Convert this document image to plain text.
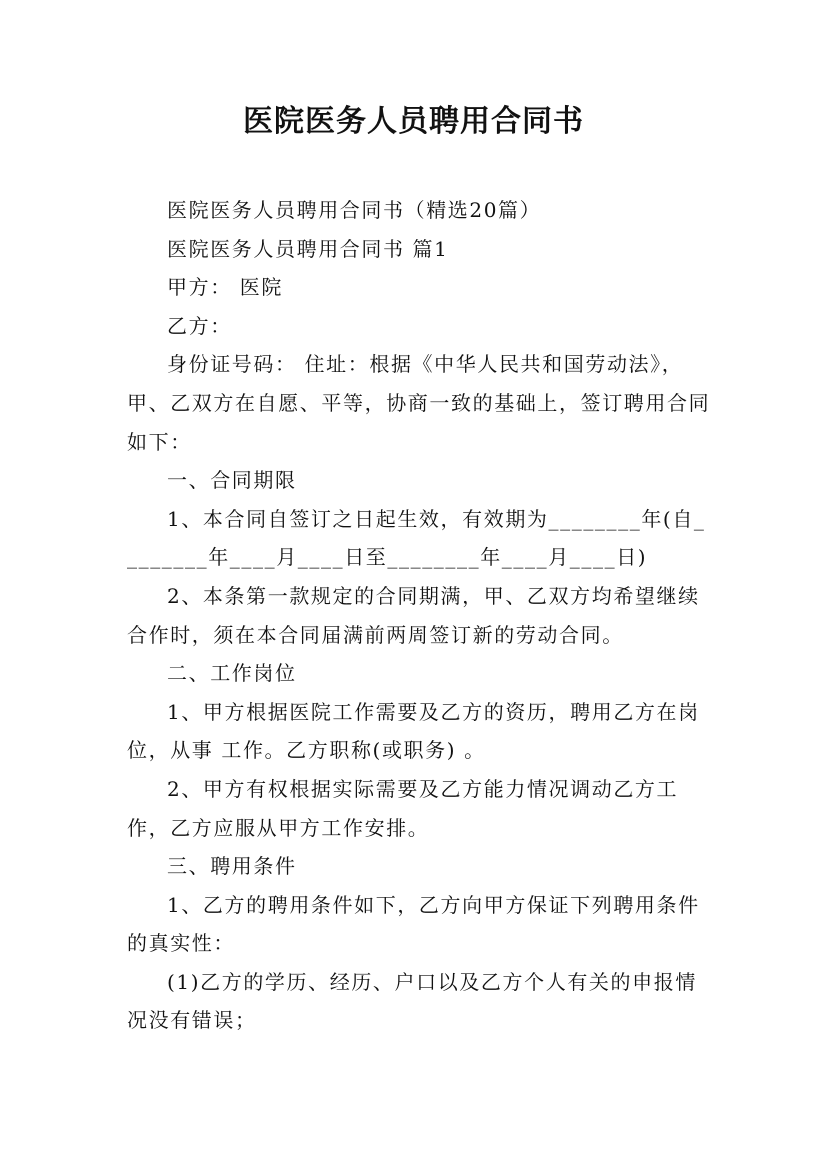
医院医务人员聘用合同书

医院医务人员聘用合同书（精选20篇）

医院医务人员聘用合同书 篇1

甲方： 医院

乙方：

身份证号码： 住址：根据《中华人民共和国劳动法》，甲、乙双方在自愿、平等，协商一致的基础上，签订聘用合同如下：

一、合同期限

1、本合同自签订之日起生效，有效期为________年(自________年____月____日至________年____月____日)

2、本条第一款规定的合同期满，甲、乙双方均希望继续合作时，须在本合同届满前两周签订新的劳动合同。

二、工作岗位

1、甲方根据医院工作需要及乙方的资历，聘用乙方在岗位，从事 工作。乙方职称(或职务) 。

2、甲方有权根据实际需要及乙方能力情况调动乙方工作，乙方应服从甲方工作安排。

三、聘用条件

1、乙方的聘用条件如下，乙方向甲方保证下列聘用条件的真实性：

(1)乙方的学历、经历、户口以及乙方个人有关的申报情况没有错误；
